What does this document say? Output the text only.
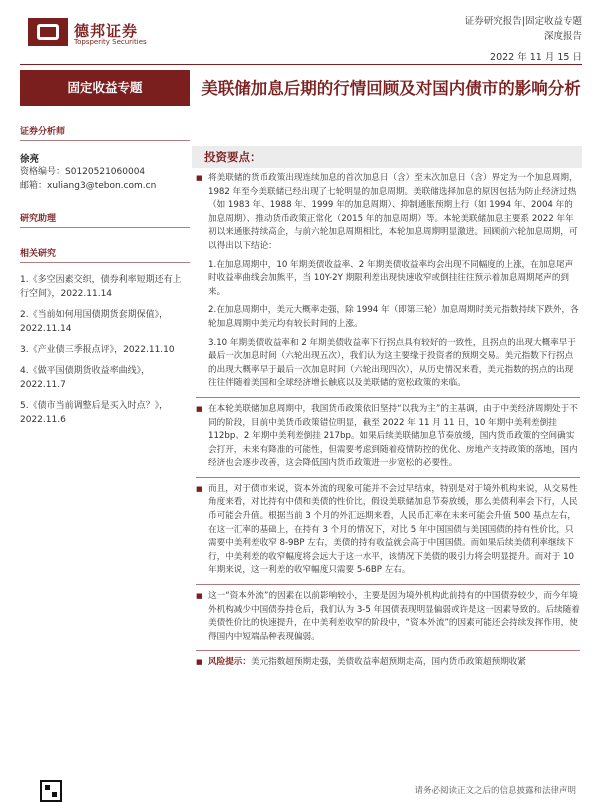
德邦证券
Topsperity Securities
证券研究报告|固定收益专题
深度报告
2022 年 11 月 15 日
固定收益专题
证券分析师
徐亮
资格编号：S0120521060004
邮箱：xuliang3@tebon.com.cn
研究助理
相关研究
1.《多空因素交织，债券利率短期还有上行空间》，2022.11.14
2.《当前如何用国债期货套期保值》，2022.11.14
3.《产业债三季报点评》，2022.11.10
4.《做平国债期货收益率曲线》，2022.11.7
5.《债市当前调整后是买入时点？》，2022.11.6
美联储加息后期的行情回顾及对国内债市的影响分析
投资要点：
■ 将美联储的货币政策出现连续加息的首次加息日（含）至末次加息日（含）界定为一个加息周期，1982 年至今美联储已经出现了七轮明显的加息周期。美联储选择加息的原因包括为防止经济过热（如 1983 年、1988 年、1999 年的加息周期）、抑制通胀预期上行（如 1994 年、2004 年的加息周期）、推动货币政策正常化（2015 年的加息周期）等。本轮美联储加息主要系 2022 年年初以来通胀持续高企，与前六轮加息周期相比，本轮加息周期明显激进。回顾前六轮加息周期，可以得出以下结论：
1.在加息周期中，10 年期美债收益率、2 年期美债收益率均会出现不同幅度的上涨，在加息尾声时收益率曲线会加熊平，当 10Y-2Y 期限利差出现快速收窄或倒挂往往预示着加息周期尾声的到来。
2.在加息周期中，美元大概率走强，除 1994 年（即第三轮）加息周期时美元指数持续下跌外，各轮加息周期中美元均有较长时间的上涨。
3.10 年期美债收益率和 2 年期美债收益率下行拐点具有较好的一致性，且拐点的出现大概率早于最后一次加息时间（六轮出现五次），我们认为这主要缘于投资者的预期交易。美元指数下行拐点的出现大概率早于最后一次加息时间（六轮出现四次），从历史情况来看，美元指数的拐点的出现往往伴随着美国和全球经济增长触底以及美联储的宽松政策的来临。
■ 在本轮美联储加息周期中，我国货币政策依旧坚持“以我为主”的主基调，由于中美经济周期处于不同的阶段，目前中美货币政策错位明显，截至 2022 年 11 月 11 日，10 年期中美利差倒挂 112bp、2 年期中美利差倒挂 217bp。如果后续美联储加息节奏放缓，国内货币政策的空间确实会打开，未来有降准的可能性，但需要考虑到随着疫情防控的优化、房地产支持政策的落地，国内经济也会逐步改善，这会降低国内货币政策进一步宽松的必要性。
■ 而且，对于债市来说，资本外流的现象可能并不会过早结束，特别是对于境外机构来说，从交易性角度来看，对比持有中债和美债的性价比，假设美联储加息节奏放缓，那么美债利率会下行，人民币可能会升值。根据当前 3 个月的外汇远期来看，人民币汇率在未来可能会升值 500 基点左右，在这一汇率的基础上，在持有 3 个月的情况下，对比 5 年中国国债与美国国债的持有性价比，只需要中美利差收窄 8-9BP 左右，美债的持有收益就会高于中国国债。而如果后续美债利率继续下行，中美利差的收窄幅度将会远大于这一水平，该情况下美债的吸引力将会明显提升。而对于 10 年期来说，这一利差的收窄幅度只需要 5-6BP 左右。
■ 这一“资本外流”的因素在以前影响较小，主要是因为境外机构此前持有的中国债券较少，而今年境外机构减少中国债券持仓后，我们认为 3-5 年国债表现明显偏弱或许是这一因素导致的。后续随着美债性价比的快速提升，在中美利差收窄的阶段中，“资本外流”的因素可能还会持续发挥作用，使得国内中短端品种表现偏弱。
■ 风险提示：美元指数超预期走强，美债收益率超预期走高，国内货币政策超预期收紧
请务必阅读正文之后的信息披露和法律声明
